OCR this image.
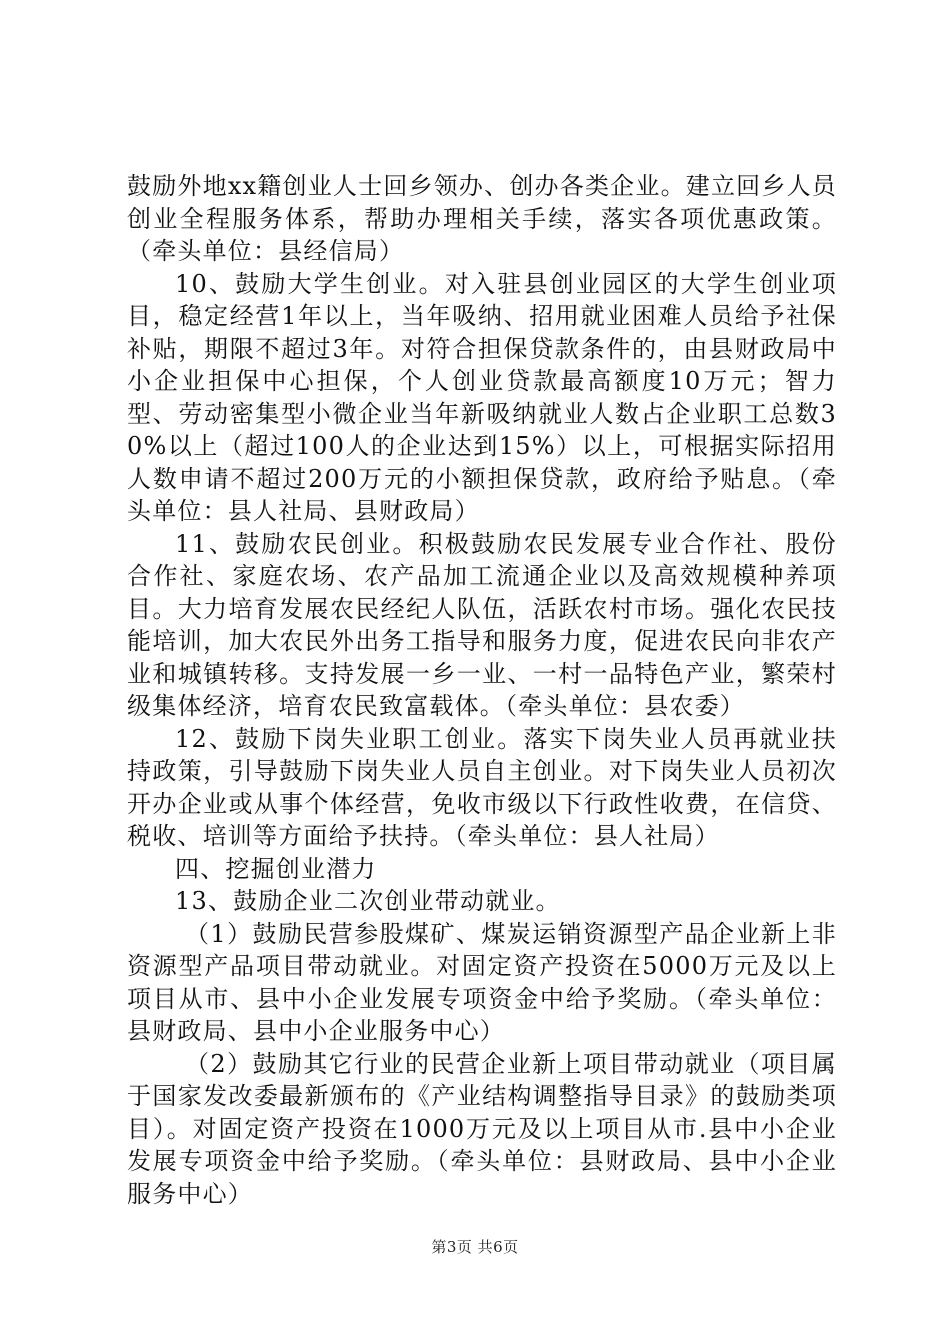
鼓励外地xx籍创业人士回乡领办、创办各类企业。建立回乡人员创业全程服务体系，帮助办理相关手续，落实各项优惠政策。（牵头单位：县经信局）

10、鼓励大学生创业。对入驻县创业园区的大学生创业项目，稳定经营1年以上，当年吸纳、招用就业困难人员给予社保补贴，期限不超过3年。对符合担保贷款条件的，由县财政局中小企业担保中心担保，个人创业贷款最高额度10万元；智力型、劳动密集型小微企业当年新吸纳就业人数占企业职工总数30%以上（超过100人的企业达到15%）以上，可根据实际招用人数申请不超过200万元的小额担保贷款，政府给予贴息。（牵头单位：县人社局、县财政局）

11、鼓励农民创业。积极鼓励农民发展专业合作社、股份合作社、家庭农场、农产品加工流通企业以及高效规模种养项目。大力培育发展农民经纪人队伍，活跃农村市场。强化农民技能培训，加大农民外出务工指导和服务力度，促进农民向非农产业和城镇转移。支持发展一乡一业、一村一品特色产业，繁荣村级集体经济，培育农民致富载体。（牵头单位：县农委）

12、鼓励下岗失业职工创业。落实下岗失业人员再就业扶持政策，引导鼓励下岗失业人员自主创业。对下岗失业人员初次开办企业或从事个体经营，免收市级以下行政性收费，在信贷、税收、培训等方面给予扶持。（牵头单位：县人社局）

四、挖掘创业潜力

13、鼓励企业二次创业带动就业。

（1）鼓励民营参股煤矿、煤炭运销资源型产品企业新上非资源型产品项目带动就业。对固定资产投资在5000万元及以上项目从市、县中小企业发展专项资金中给予奖励。（牵头单位：县财政局、县中小企业服务中心）

（2）鼓励其它行业的民营企业新上项目带动就业（项目属于国家发改委最新颁布的《产业结构调整指导目录》的鼓励类项目）。对固定资产投资在1000万元及以上项目从市.县中小企业发展专项资金中给予奖励。（牵头单位：县财政局、县中小企业服务中心）

第3页 共6页
